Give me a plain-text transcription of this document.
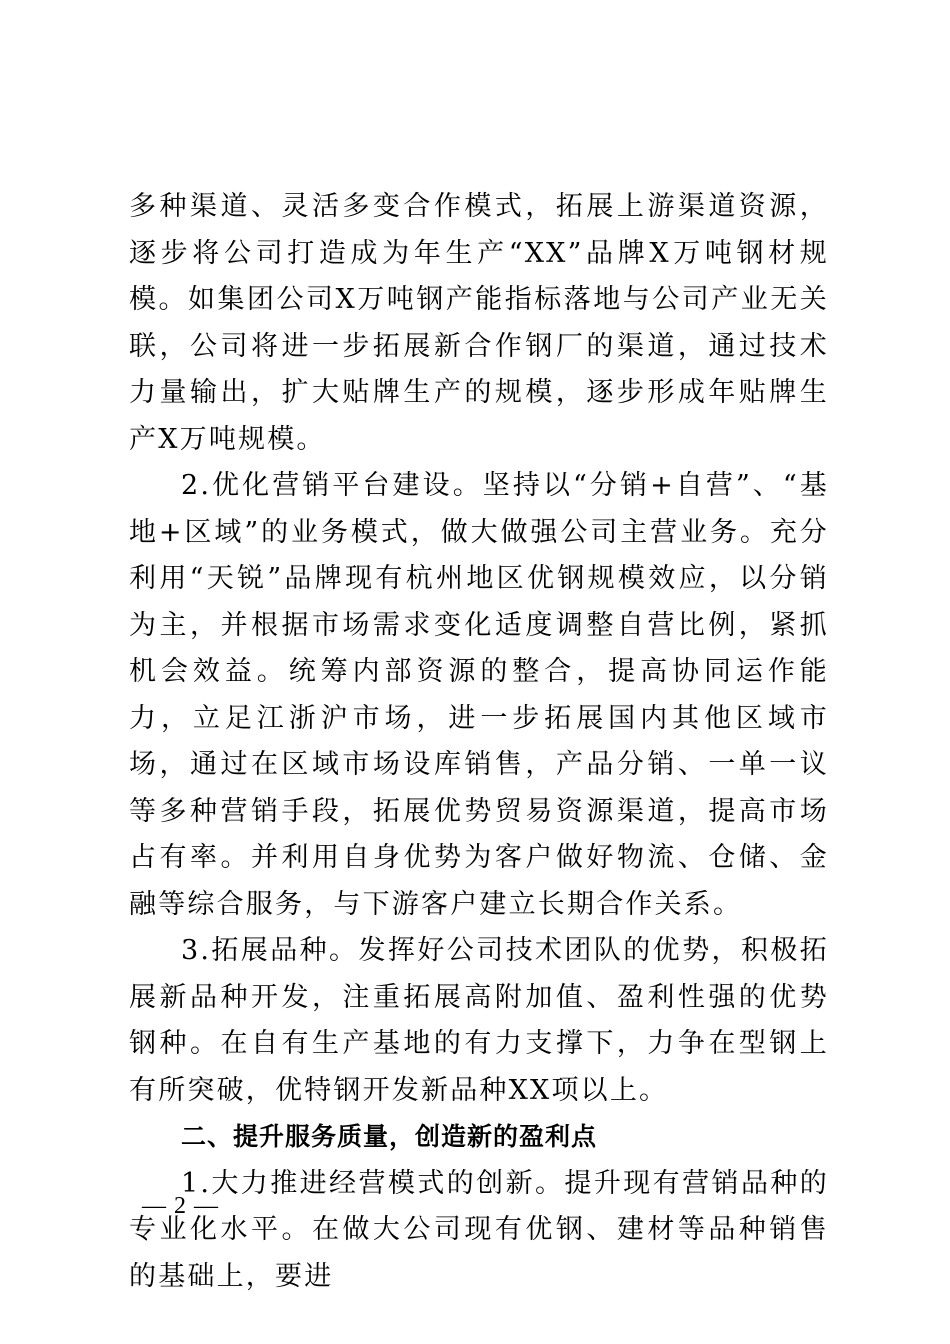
多种渠道、灵活多变合作模式，拓展上游渠道资源，逐步将公司打造成为年生产“XX”品牌X万吨钢材规模。如集团公司X万吨钢产能指标落地与公司产业无关联，公司将进一步拓展新合作钢厂的渠道，通过技术力量输出，扩大贴牌生产的规模，逐步形成年贴牌生产X万吨规模。

2.优化营销平台建设。坚持以“分销+自营”、“基地+区域”的业务模式，做大做强公司主营业务。充分利用“天锐”品牌现有杭州地区优钢规模效应，以分销为主，并根据市场需求变化适度调整自营比例，紧抓机会效益。统筹内部资源的整合，提高协同运作能力，立足江浙沪市场，进一步拓展国内其他区域市场，通过在区域市场设库销售，产品分销、一单一议等多种营销手段，拓展优势贸易资源渠道，提高市场占有率。并利用自身优势为客户做好物流、仓储、金融等综合服务，与下游客户建立长期合作关系。

3.拓展品种。发挥好公司技术团队的优势，积极拓展新品种开发，注重拓展高附加值、盈利性强的优势钢种。在自有生产基地的有力支撑下，力争在型钢上有所突破，优特钢开发新品种XX项以上。

二、提升服务质量，创造新的盈利点

1.大力推进经营模式的创新。提升现有营销品种的专业化水平。在做大公司现有优钢、建材等品种销售的基础上，要进

— 2 —
